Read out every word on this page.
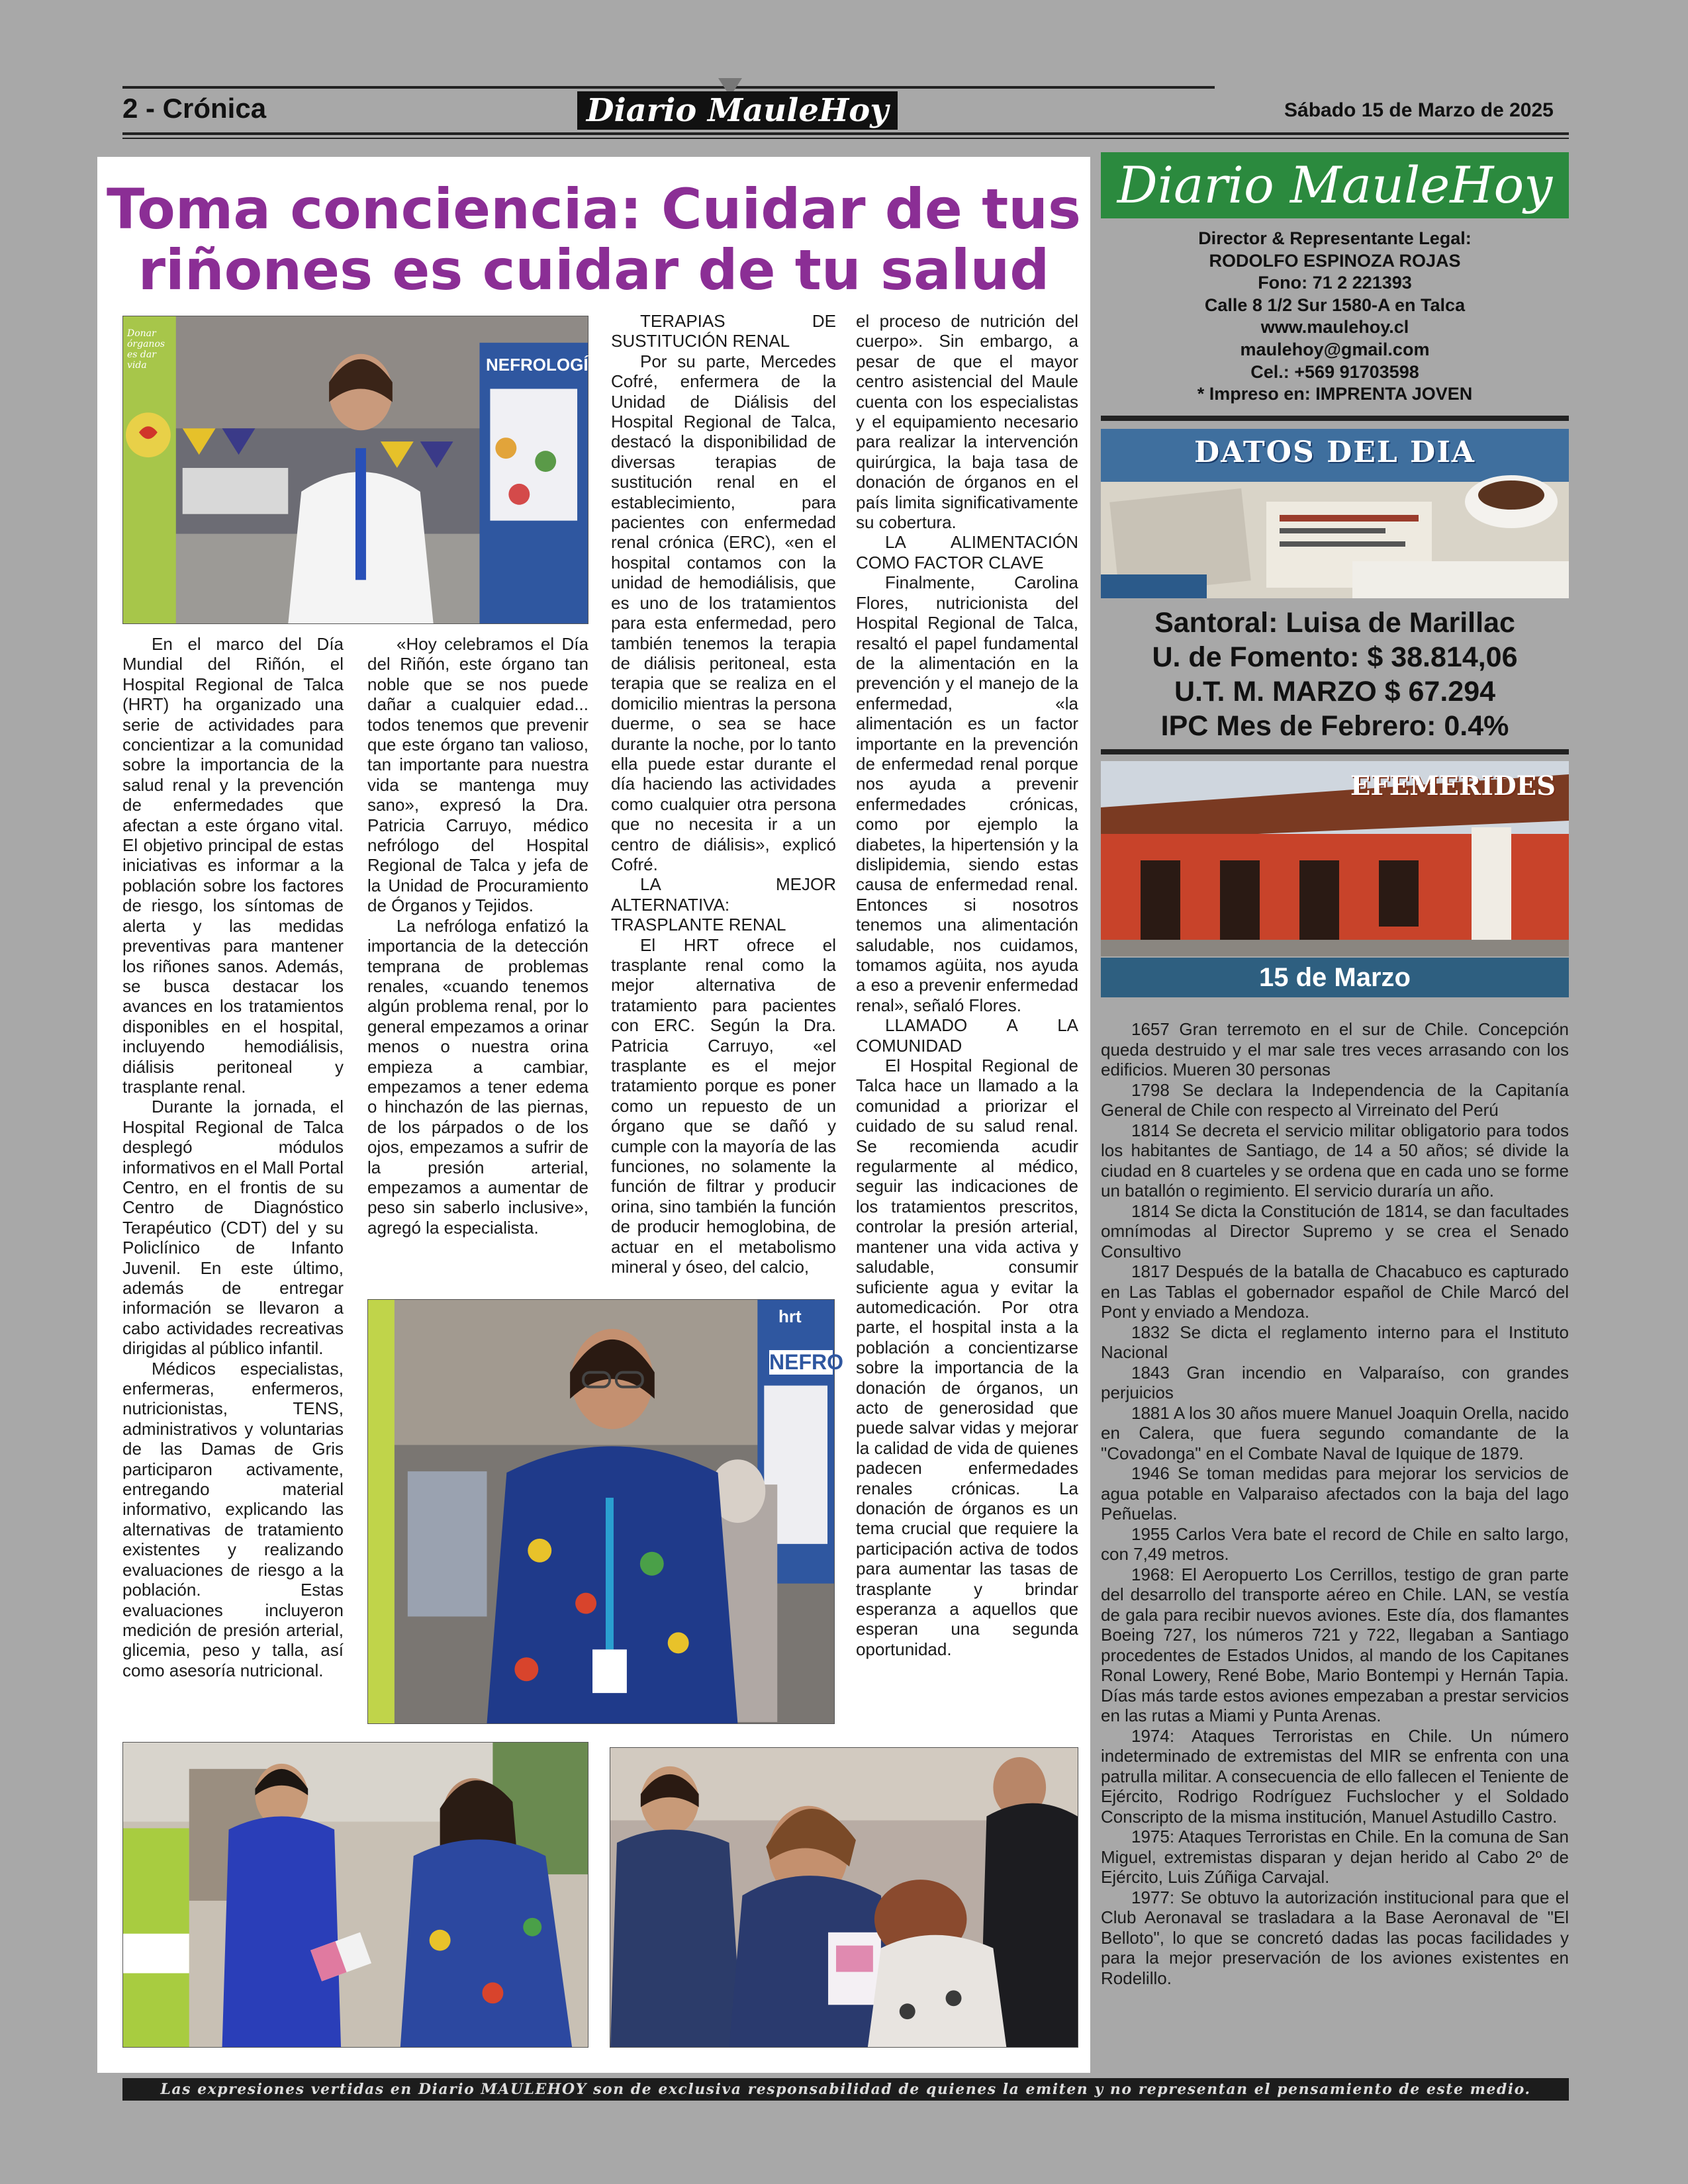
2 - Crónica	Diario MauleHoy	Sábado 15 de Marzo de 2025
Toma conciencia: Cuidar de tus
riñones es cuidar de tu salud
NEFROLOGÍA
Donar órganos es dar vida
NEFRO
hrt

En el marco del Día Mundial del Riñón, el Hospital Regional de Talca (HRT) ha organizado una serie de actividades para concientizar a la comunidad sobre la importancia de la salud renal y la prevención de enfermedades que afectan a este órgano vital. El objetivo principal de estas iniciativas es informar a la población sobre los factores de riesgo, los síntomas de alerta y las medidas preventivas para mantener los riñones sanos. Además, se busca destacar los avances en los tratamientos disponibles en el hospital, incluyendo hemodiálisis, diálisis peritoneal y trasplante renal.

Durante la jornada, el Hospital Regional de Talca desplegó módulos informativos en el Mall Portal Centro, en el frontis de su Centro de Diagnóstico Terapéutico (CDT) del y su Policlínico de Infanto Juvenil. En este último, además de entregar información se llevaron a cabo actividades recreativas dirigidas al público infantil.

Médicos especialistas, enfermeras, enfermeros, nutricionistas, TENS, administrativos y voluntarias de las Damas de Gris participaron activamente, entregando material informativo, explicando las alternativas de tratamiento existentes y realizando evaluaciones de riesgo a la población. Estas evaluaciones incluyeron medición de presión arterial, glicemia, peso y talla, así como asesoría nutricional.

«Hoy celebramos el Día del Riñón, este órgano tan noble que se nos puede dañar a cualquier edad... todos tenemos que prevenir que este órgano tan valioso, tan importante para nuestra vida se mantenga muy sano», expresó la Dra. Patricia Carruyo, médico nefrólogo del Hospital Regional de Talca y jefa de la Unidad de Procuramiento de Órganos y Tejidos.

La nefróloga enfatizó la importancia de la detección temprana de problemas renales, «cuando tenemos algún problema renal, por lo general empezamos a orinar menos o nuestra orina empieza a cambiar, empezamos a tener edema o hinchazón de las piernas, de los párpados o de los ojos, empezamos a sufrir de la presión arterial, empezamos a aumentar de peso sin saberlo inclusive», agregó la especialista.

TERAPIAS DE SUSTITUCIÓN RENAL

Por su parte, Mercedes Cofré, enfermera de la Unidad de Diálisis del Hospital Regional de Talca, destacó la disponibilidad de diversas terapias de sustitución renal en el establecimiento, para pacientes con enfermedad renal crónica (ERC), «en el hospital contamos con la unidad de hemodiálisis, que es uno de los tratamientos para esta enfermedad, pero también tenemos la terapia de diálisis peritoneal, esta terapia que se realiza en el domicilio mientras la persona duerme, o sea se hace durante la noche, por lo tanto ella puede estar durante el día haciendo las actividades como cualquier otra persona que no necesita ir a un centro de diálisis», explicó Cofré.

LA MEJOR ALTERNATIVA: TRASPLANTE RENAL

El HRT ofrece el trasplante renal como la mejor alternativa de tratamiento para pacientes con ERC. Según la Dra. Patricia Carruyo, «el trasplante es el mejor tratamiento porque es poner como un repuesto de un órgano que se dañó y cumple con la mayoría de las funciones, no solamente la función de filtrar y producir orina, sino también la función de producir hemoglobina, de actuar en el metabolismo mineral y óseo, del calcio,

el proceso de nutrición del cuerpo». Sin embargo, a pesar de que el mayor centro asistencial del Maule cuenta con los especialistas y el equipamiento necesario para realizar la intervención quirúrgica, la baja tasa de donación de órganos en el país limita significativamente su cobertura.

LA ALIMENTACIÓN COMO FACTOR CLAVE

Finalmente, Carolina Flores, nutricionista del Hospital Regional de Talca, resaltó el papel fundamental de la alimentación en la prevención y el manejo de la enfermedad, «la alimentación es un factor importante en la prevención de enfermedad renal porque nos ayuda a prevenir enfermedades crónicas, como por ejemplo la diabetes, la hipertensión y la dislipidemia, siendo estas causa de enfermedad renal. Entonces si nosotros tenemos una alimentación saludable, nos cuidamos, tomamos agüita, nos ayuda a eso a prevenir enfermedad renal», señaló Flores.

LLAMADO A LA COMUNIDAD

El Hospital Regional de Talca hace un llamado a la comunidad a priorizar el cuidado de su salud renal. Se recomienda acudir regularmente al médico, seguir las indicaciones de los tratamientos prescritos, controlar la presión arterial, mantener una vida activa y saludable, consumir suficiente agua y evitar la automedicación. Por otra parte, el hospital insta a la población a concientizarse sobre la importancia de la donación de órganos, un acto de generosidad que puede salvar vidas y mejorar la calidad de vida de quienes padecen enfermedades renales crónicas. La donación de órganos es un tema crucial que requiere la participación activa de todos para aumentar las tasas de trasplante y brindar esperanza a aquellos que esperan una segunda oportunidad.

Diario MauleHoy
Director & Representante Legal:
RODOLFO ESPINOZA ROJAS
Fono: 71 2 221393
Calle 8 1/2 Sur 1580-A en Talca
www.maulehoy.cl
maulehoy@gmail.com
Cel.: +569 91703598
* Impreso en: IMPRENTA JOVEN
DATOS DEL DIA
Santoral: Luisa de Marillac
U. de Fomento: $ 38.814,06
U.T. M. MARZO $ 67.294
IPC Mes de Febrero: 0.4%
EFEMERIDES
15 de Marzo

1657 Gran terremoto en el sur de Chile. Concepción queda destruido y el mar sale tres veces arrasando con los edificios. Mueren 30 personas

1798 Se declara la Independencia de la Capitanía General de Chile con respecto al Virreinato del Perú

1814 Se decreta el servicio militar obligatorio para todos los habitantes de Santiago, de 14 a 50 años; sé divide la ciudad en 8 cuarteles y se ordena que en cada uno se forme un batallón o regimiento. El servicio duraría un año.

1814 Se dicta la Constitución de 1814, se dan facultades omnímodas al Director Supremo y se crea el Senado Consultivo

1817 Después de la batalla de Chacabuco es capturado en Las Tablas el gobernador español de Chile Marcó del Pont y enviado a Mendoza.

1832 Se dicta el reglamento interno para el Instituto Nacional

1843 Gran incendio en Valparaíso, con grandes perjuicios

1881 A los 30 años muere Manuel Joaquin Orella, nacido en Calera, que fuera segundo comandante de la "Covadonga" en el Combate Naval de Iquique de 1879.

1946 Se toman medidas para mejorar los servicios de agua potable en Valparaiso afectados con la baja del lago Peñuelas.

1955 Carlos Vera bate el record de Chile en salto largo, con 7,49 metros.

1968: El Aeropuerto Los Cerrillos, testigo de gran parte del desarrollo del transporte aéreo en Chile. LAN, se vestía de gala para recibir nuevos aviones. Este día, dos flamantes Boeing 727, los números 721 y 722, llegaban a Santiago procedentes de Estados Unidos, al mando de los Capitanes Ronal Lowery, René Bobe, Mario Bontempi y Hernán Tapia. Días más tarde estos aviones empezaban a prestar servicios en las rutas a Miami y Punta Arenas.

1974: Ataques Terroristas en Chile. Un número indeterminado de extremistas del MIR se enfrenta con una patrulla militar. A consecuencia de ello fallecen el Teniente de Ejército, Rodrigo Rodríguez Fuchslocher y el Soldado Conscripto de la misma institución, Manuel Astudillo Castro.

1975: Ataques Terroristas en Chile. En la comuna de San Miguel, extremistas disparan y dejan herido al Cabo 2º de Ejército, Luis Zúñiga Carvajal.

1977: Se obtuvo la autorización institucional para que el Club Aeronaval se trasladara a la Base Aeronaval de "El Belloto", lo que se concretó dadas las pocas facilidades y para la mejor preservación de los aviones existentes en Rodelillo.

Las expresiones vertidas en Diario MAULEHOY son de exclusiva responsabilidad de quienes la emiten y no representan el pensamiento de este medio.
